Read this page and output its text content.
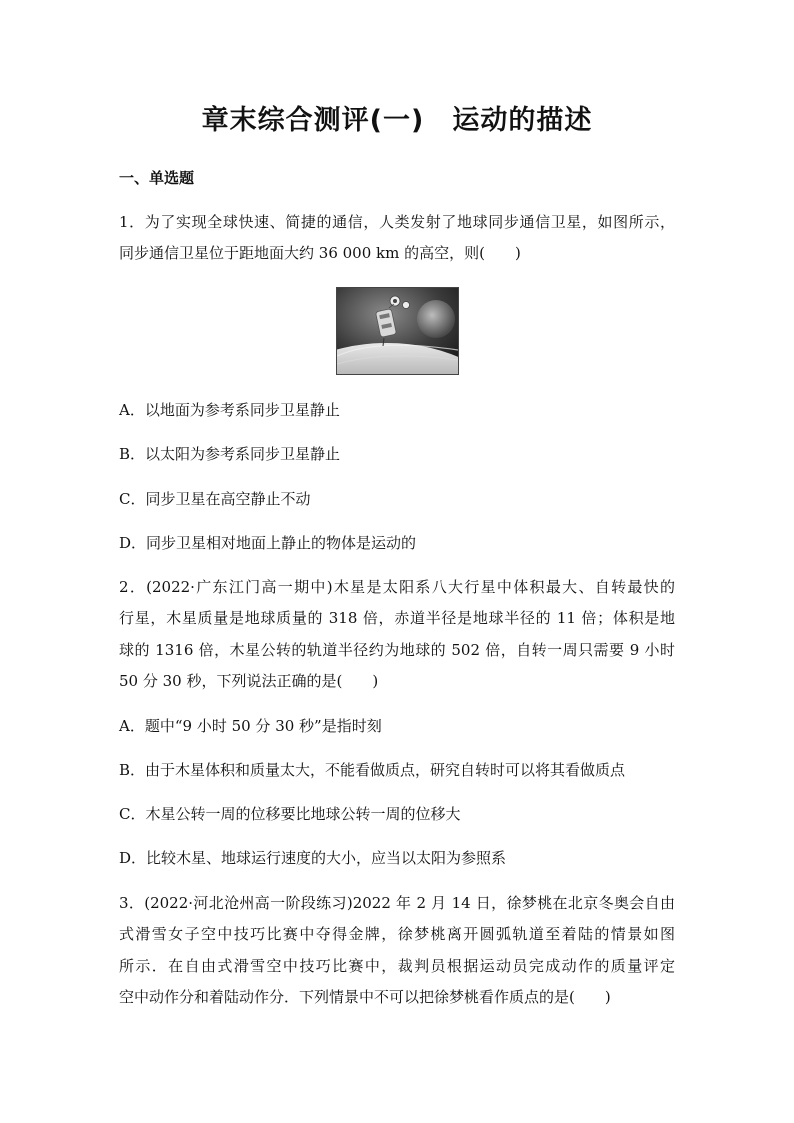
章末综合测评(一)　运动的描述
一、单选题
1．为了实现全球快速、简捷的通信，人类发射了地球同步通信卫星，如图所示，
同步通信卫星位于距地面大约 36 000 km 的高空，则(　　)
A．以地面为参考系同步卫星静止
B．以太阳为参考系同步卫星静止
C．同步卫星在高空静止不动
D．同步卫星相对地面上静止的物体是运动的
2．(2022·广东江门高一期中)木星是太阳系八大行星中体积最大、自转最快的
行星，木星质量是地球质量的 318 倍，赤道半径是地球半径的 11 倍；体积是地
球的 1316 倍，木星公转的轨道半径约为地球的 502 倍，自转一周只需要 9 小时
50 分 30 秒，下列说法正确的是(　　)
A．题中“9 小时 50 分 30 秒”是指时刻
B．由于木星体积和质量太大，不能看做质点，研究自转时可以将其看做质点
C．木星公转一周的位移要比地球公转一周的位移大
D．比较木星、地球运行速度的大小，应当以太阳为参照系
3．(2022·河北沧州高一阶段练习)2022 年 2 月 14 日，徐梦桃在北京冬奥会自由
式滑雪女子空中技巧比赛中夺得金牌，徐梦桃离开圆弧轨道至着陆的情景如图
所示．在自由式滑雪空中技巧比赛中，裁判员根据运动员完成动作的质量评定
空中动作分和着陆动作分．下列情景中不可以把徐梦桃看作质点的是(　　)
